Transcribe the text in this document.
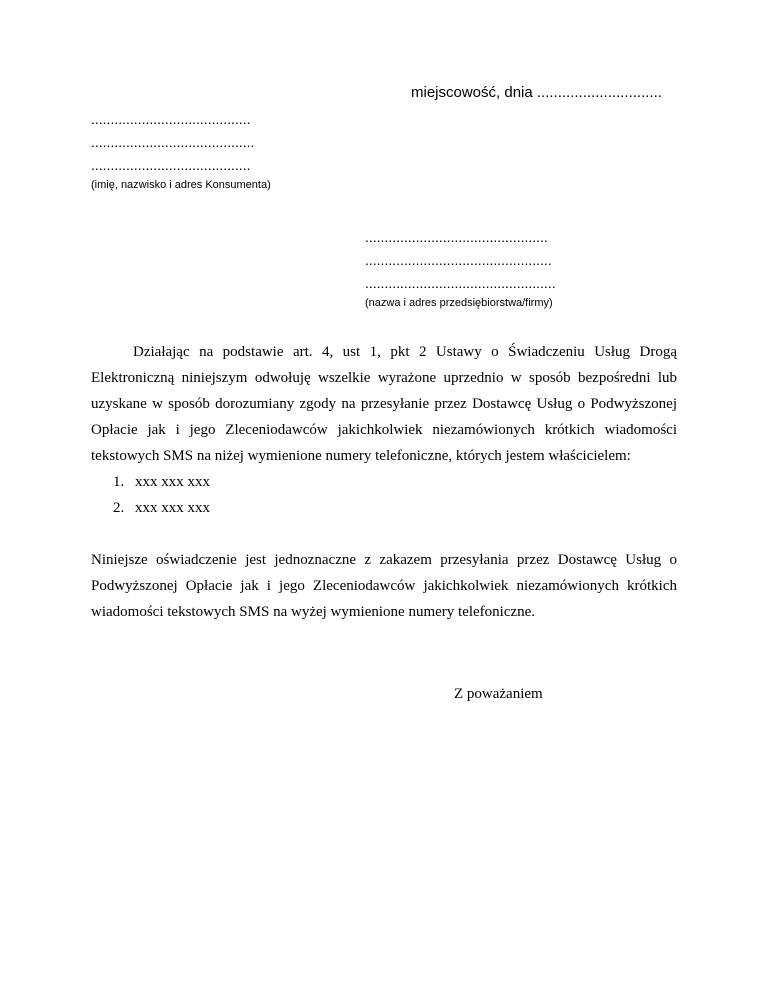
miejscowość, dnia ..............................
.........................................
..........................................
.........................................
(imię, nazwisko i adres Konsumenta)
...............................................
................................................
.................................................
(nazwa i adres przedsiębiorstwa/firmy)

Działając na podstawie art. 4, ust 1, pkt 2 Ustawy o Świadczeniu Usług Drogą Elektroniczną niniejszym odwołuję wszelkie wyrażone uprzednio w sposób bezpośredni lub uzyskane w sposób dorozumiany zgody na przesyłanie przez Dostawcę Usług o Podwyższonej Opłacie jak i jego Zleceniodawców jakichkolwiek niezamówionych krótkich wiadomości tekstowych SMS na niżej wymienione numery telefoniczne, których jestem właścicielem:

1. xxx xxx xxx
2. xxx xxx xxx

Niniejsze oświadczenie jest jednoznaczne z zakazem przesyłania przez Dostawcę Usług o Podwyższonej Opłacie jak i jego Zleceniodawców jakichkolwiek niezamówionych krótkich wiadomości tekstowych SMS na wyżej wymienione numery telefoniczne.

Z poważaniem
